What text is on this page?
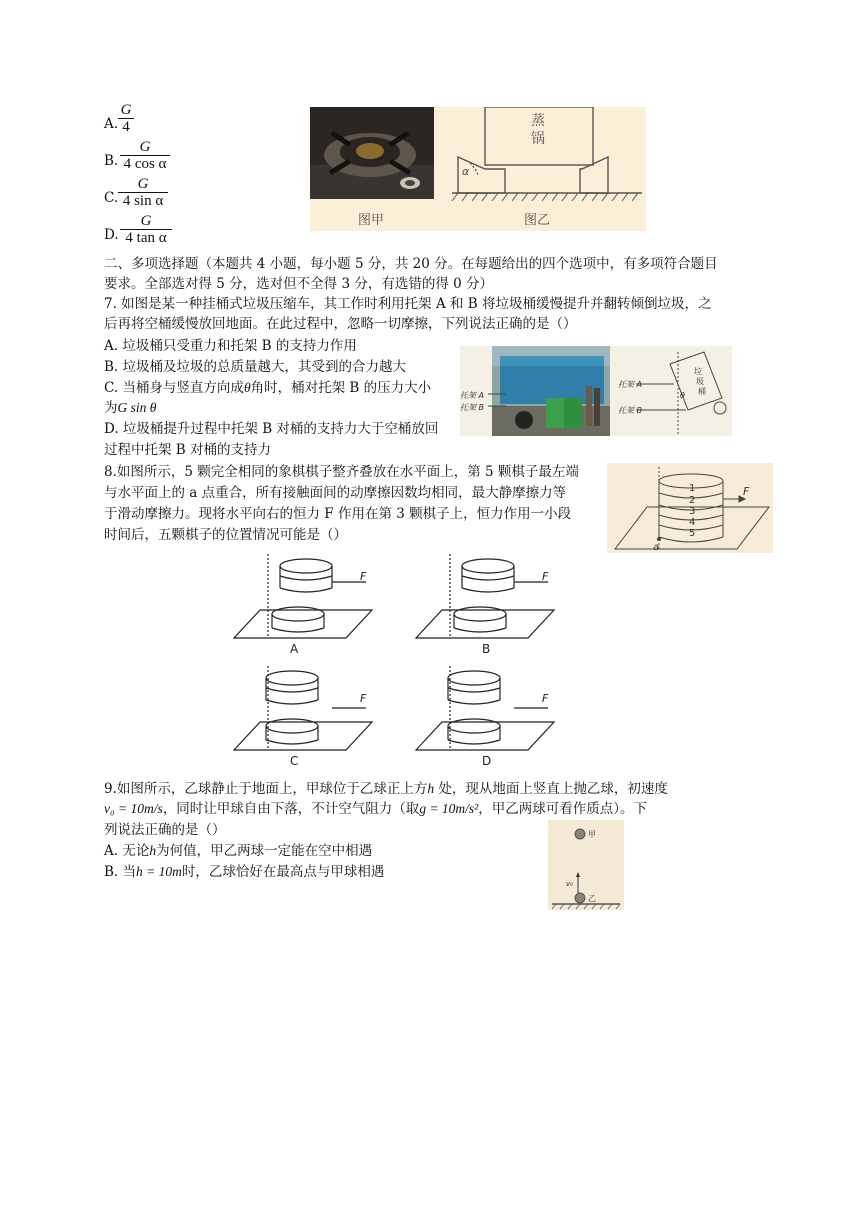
A.
G
4
B.
G
4 cos α
C.
G
4 sin α
D.
G
4 tan α
图甲
蒸
锅
α
图乙
二、多项选择题（本题共 4 小题，每小题 5 分，共 20 分。在每题给出的四个选项中，有多项符合题目
要求。全部选对得 5 分，选对但不全得 3 分，有选错的得 0 分）
7. 如图是某一种挂桶式垃圾压缩车，其工作时利用托架 A 和 B 将垃圾桶缓慢提升并翻转倾倒垃圾，之
后再将空桶缓慢放回地面。在此过程中，忽略一切摩擦，下列说法正确的是（）
A. 垃圾桶只受重力和托架 B 的支持力作用
B. 垃圾桶及垃圾的总质量越大，其受到的合力越大
C. 当桶身与竖直方向成θ角时，桶对托架 B 的压力大小
为G sin θ
D. 垃圾桶提升过程中托架 B 对桶的支持力大于空桶放回
过程中托架 B 对桶的支持力
托架 A
托架 B
托架 A
托架 B
垃
圾
桶
θ
8.如图所示，5 颗完全相同的象棋棋子整齐叠放在水平面上，第 5 颗棋子最左端
与水平面上的 a 点重合，所有接触面间的动摩擦因数均相同，最大静摩擦力等
于滑动摩擦力。现将水平向右的恒力 F 作用在第 3 颗棋子上，恒力作用一小段
时间后，五颗棋子的位置情况可能是（）
1
2
3
4
5
F
a
F	F
F	F
A	B
C	D
9.如图所示，乙球静止于地面上，甲球位于乙球正上方h 处，现从地面上竖直上抛乙球，初速度
v₀ = 10m/s，同时让甲球自由下落，不计空气阻力（取g = 10m/s²，甲乙两球可看作质点）。下
列说法正确的是（）
A. 无论h为何值，甲乙两球一定能在空中相遇
B. 当h = 10m时，乙球恰好在最高点与甲球相遇
甲
乙
v₀
